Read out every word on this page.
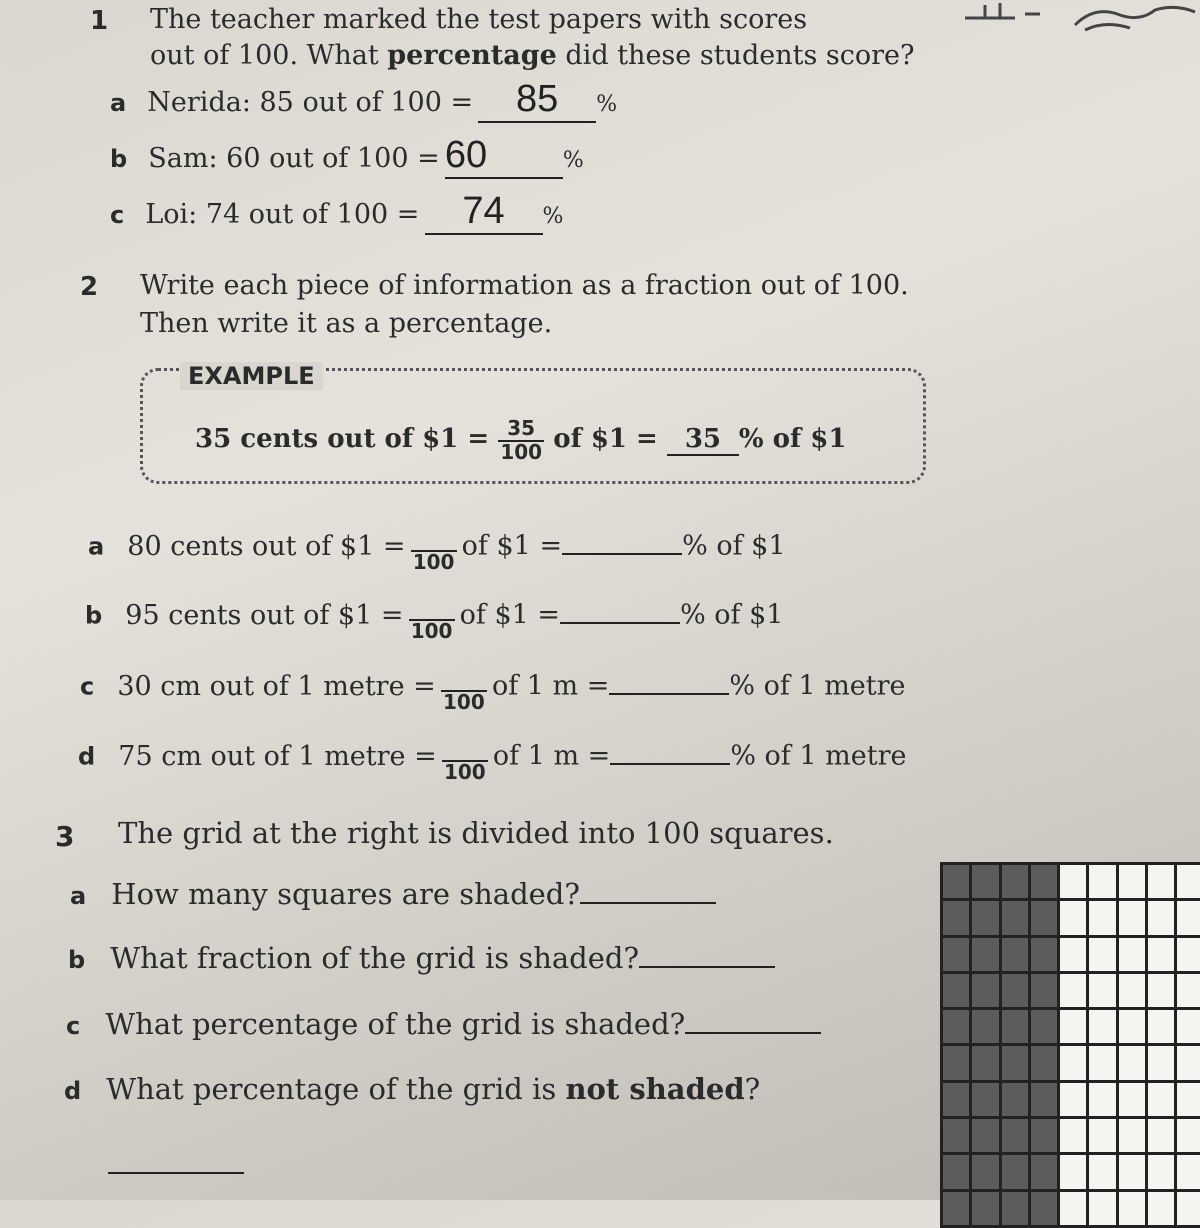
1 The teacher marked the test papers with scores
out of 100. What percentage did these students score?
a Nerida: 85 out of 100 = 85 %
b Sam: 60 out of 100 = 60	%
c Loi: 74 out of 100 = 74 %
2 Write each piece of information as a fraction out of 100.
Then write it as a percentage.
EXAMPLE
35 cents out of $1 = $\frac{35}{100}$ of $1 = 35 % of $1
a 80 cents out of $1 =
100
of $1 =	% of $1
b 95 cents out of $1 =
100
of $1 =	% of $1
c 30 cm out of 1 metre =
100
of 1 m =	% of 1 metre
d 75 cm out of 1 metre =
100
of 1 m =	% of 1 metre
3 The grid at the right is divided into 100 squares.
a How many squares are shaded?
b What fraction of the grid is shaded?
c What percentage of the grid is shaded?
d What percentage of the grid is not shaded?
